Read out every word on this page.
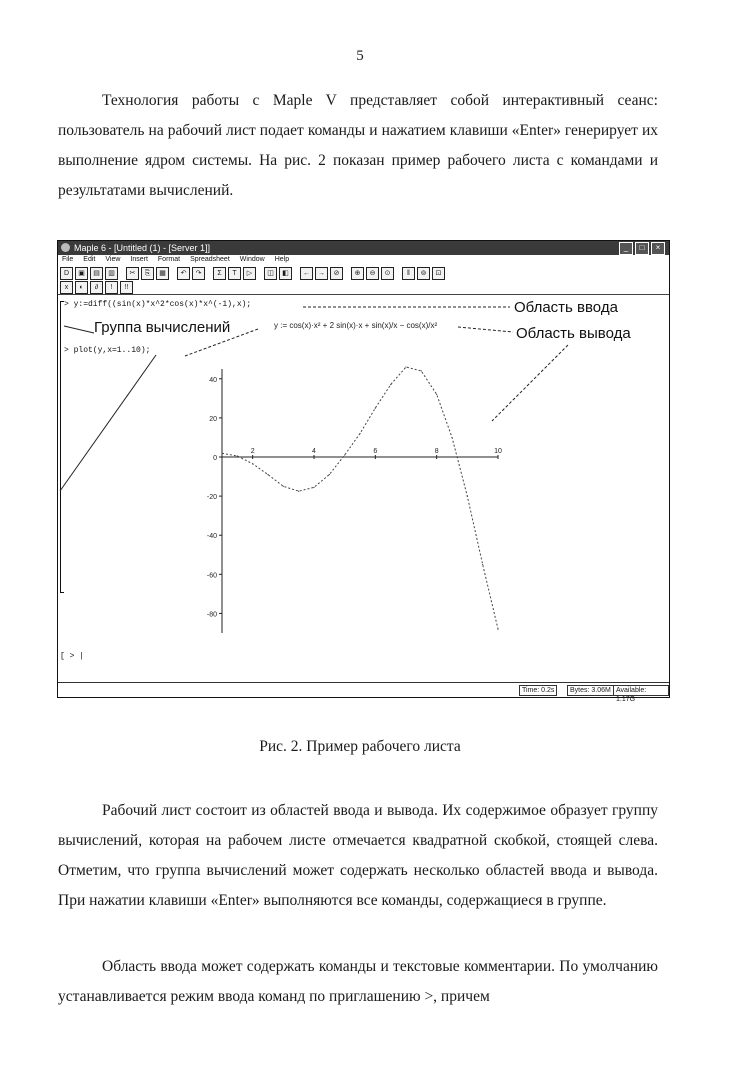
5
Технология работы с Maple V представляет собой интерактивный сеанс: пользователь на рабочий лист подает команды и нажатием клавиши «Enter» генерирует их выполнение ядром системы. На рис. 2 показан пример рабочего листа с командами и результатами вычислений.
Maple 6 - [Untitled (1) - [Server 1]]	_	□	×
File Edit View Insert Format Spreadsheet Window Help
D	▣	▤	▥	✂	⎘	▦	↶	↷	Σ	T	▷	◫	◧	←	→	⊘	⊕	⊖	⊙	‖	⊚	⊡
x	◐	∂	!	!!
> y:=diff((sin(x)*x^2*cos(x)*x^(-1),x);
y := cos(x)·x² + 2 sin(x)·x + sin(x)/x − cos(x)/x²
> plot(y,x=1..10);
[ > |
Группа вычислений
Область ввода
Область вывода
40
20
0
-20
-40
-60
-80
2	4	6	8	10
Time: 0.2s	Bytes: 3.06M Available: 1.17G
Рис. 2. Пример рабочего листа
Рабочий лист состоит из областей ввода и вывода. Их содержимое образует группу вычислений, которая на рабочем листе отмечается квадратной скобкой, стоящей слева. Отметим, что группа вычислений может содержать несколько областей ввода и вывода. При нажатии клавиши «Enter» выполняются все команды, содержащиеся в группе.
Область ввода может содержать команды и текстовые комментарии. По умолчанию устанавливается режим ввода команд по приглашению >, причем
